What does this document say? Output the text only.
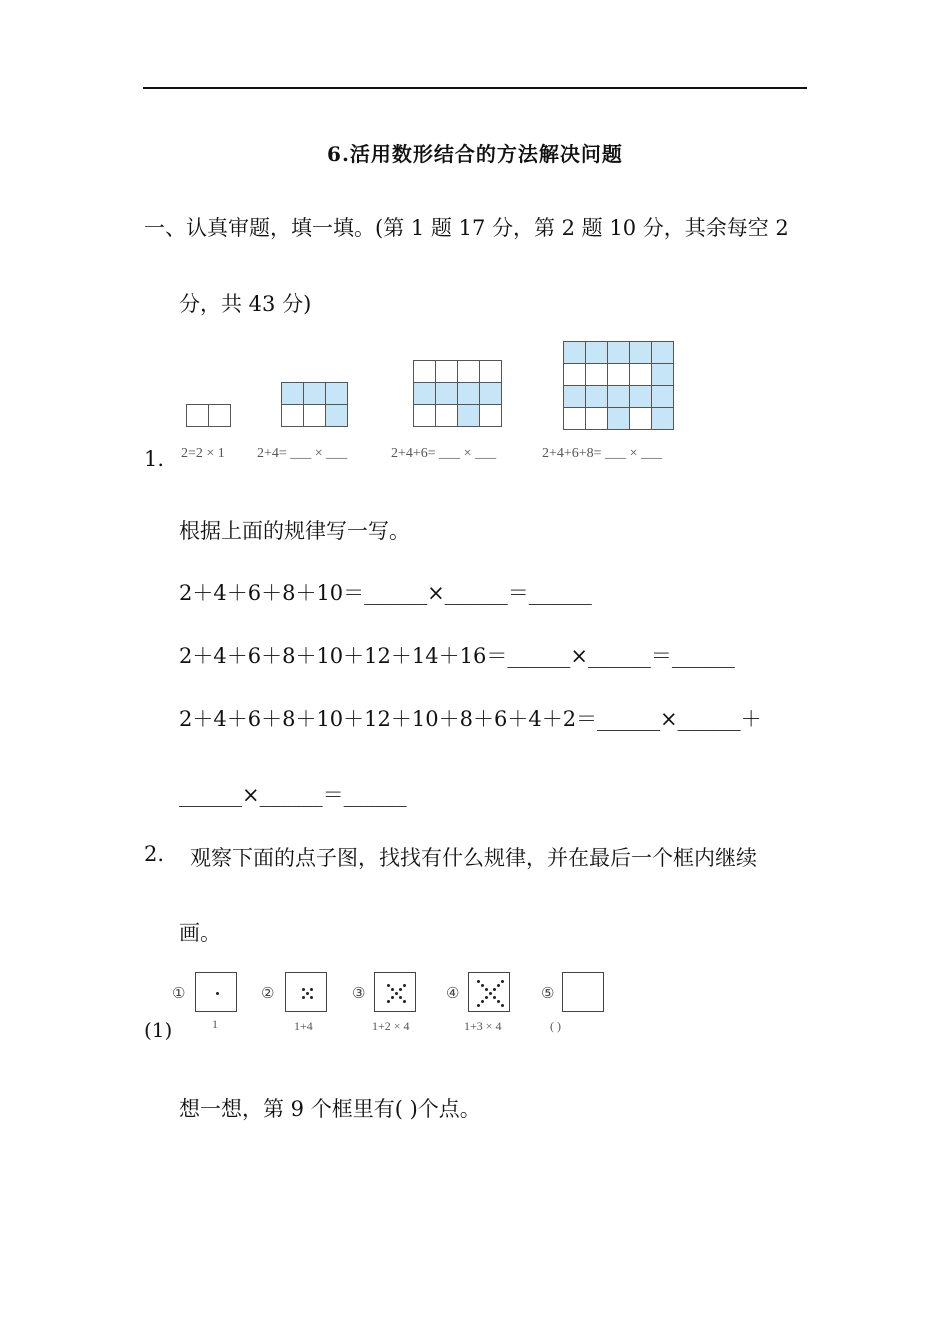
6.活用数形结合的方法解决问题
一、认真审题，填一填。(第 1 题 17 分，第 2 题 10 分，其余每空 2
分，共 43 分)
1. 2=2 × 1 2+4= ___ × ___	2+4+6= ___ × ___	2+4+6+8= ___ × ___
根据上面的规律写一写。
2＋4＋6＋8＋10＝______×______＝______
2＋4＋6＋8＋10＋12＋14＋16＝______×______＝______
2＋4＋6＋8＋10＋12＋10＋8＋6＋4＋2＝______×______＋
______×______＝______
2. 观察下面的点子图，找找有什么规律，并在最后一个框内继续
画。
①	②	③	④	⑤
1	1+4	1+2 × 4	1+3 × 4	( )
(1)
想一想，第 9 个框里有( )个点。
